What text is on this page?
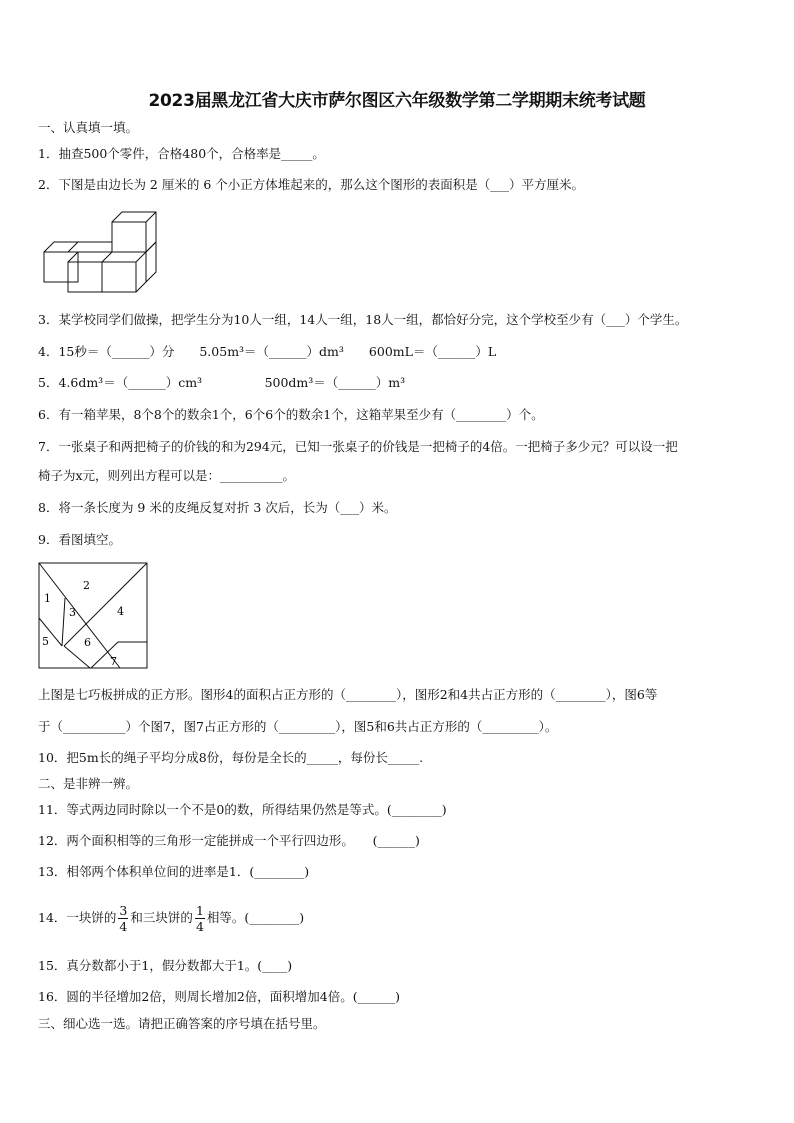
2023届黑龙江省大庆市萨尔图区六年级数学第二学期期末统考试题
一、认真填一填。
1．抽查500个零件，合格480个，合格率是_____。
2．下图是由边长为 2 厘米的 6 个小正方体堆起来的，那么这个图形的表面积是（___）平方厘米。
3．某学校同学们做操，把学生分为10人一组，14人一组，18人一组，都恰好分完，这个学校至少有（___）个学生。
4．15秒＝（______）分　　5.05m³＝（______）dm³　　600mL＝（______）L
5．4.6dm³＝（______）cm³　　　　　500dm³＝（______）m³
6．有一箱苹果，8个8个的数余1个，6个6个的数余1个，这箱苹果至少有（________）个。
7．一张桌子和两把椅子的价钱的和为294元，已知一张桌子的价钱是一把椅子的4倍。一把椅子多少元？可以设一把
椅子为x元，则列出方程可以是：__________。
8．将一条长度为 9 米的皮绳反复对折 3 次后，长为（___）米。
9．看图填空。
2
1
3	4
5	6
7
上图是七巧板拼成的正方形。图形4的面积占正方形的（________），图形2和4共占正方形的（________），图6等
于（__________）个图7，图7占正方形的（_________），图5和6共占正方形的（_________）。
10．把5m长的绳子平均分成8份，每份是全长的_____，每份长_____.
二、是非辨一辨。
11．等式两边同时除以一个不是0的数，所得结果仍然是等式。(________)
12．两个面积相等的三角形一定能拼成一个平行四边形。　　(______)
13．相邻两个体积单位间的进率是1．(________)
14．一块饼的 $\frac{3}{4}$ 和三块饼的 $\frac{1}{4}$ 相等。(________)
15．真分数都小于1，假分数都大于1。(____)
16．圆的半径增加2倍，则周长增加2倍，面积增加4倍。(______)
三、细心选一选。请把正确答案的序号填在括号里。
